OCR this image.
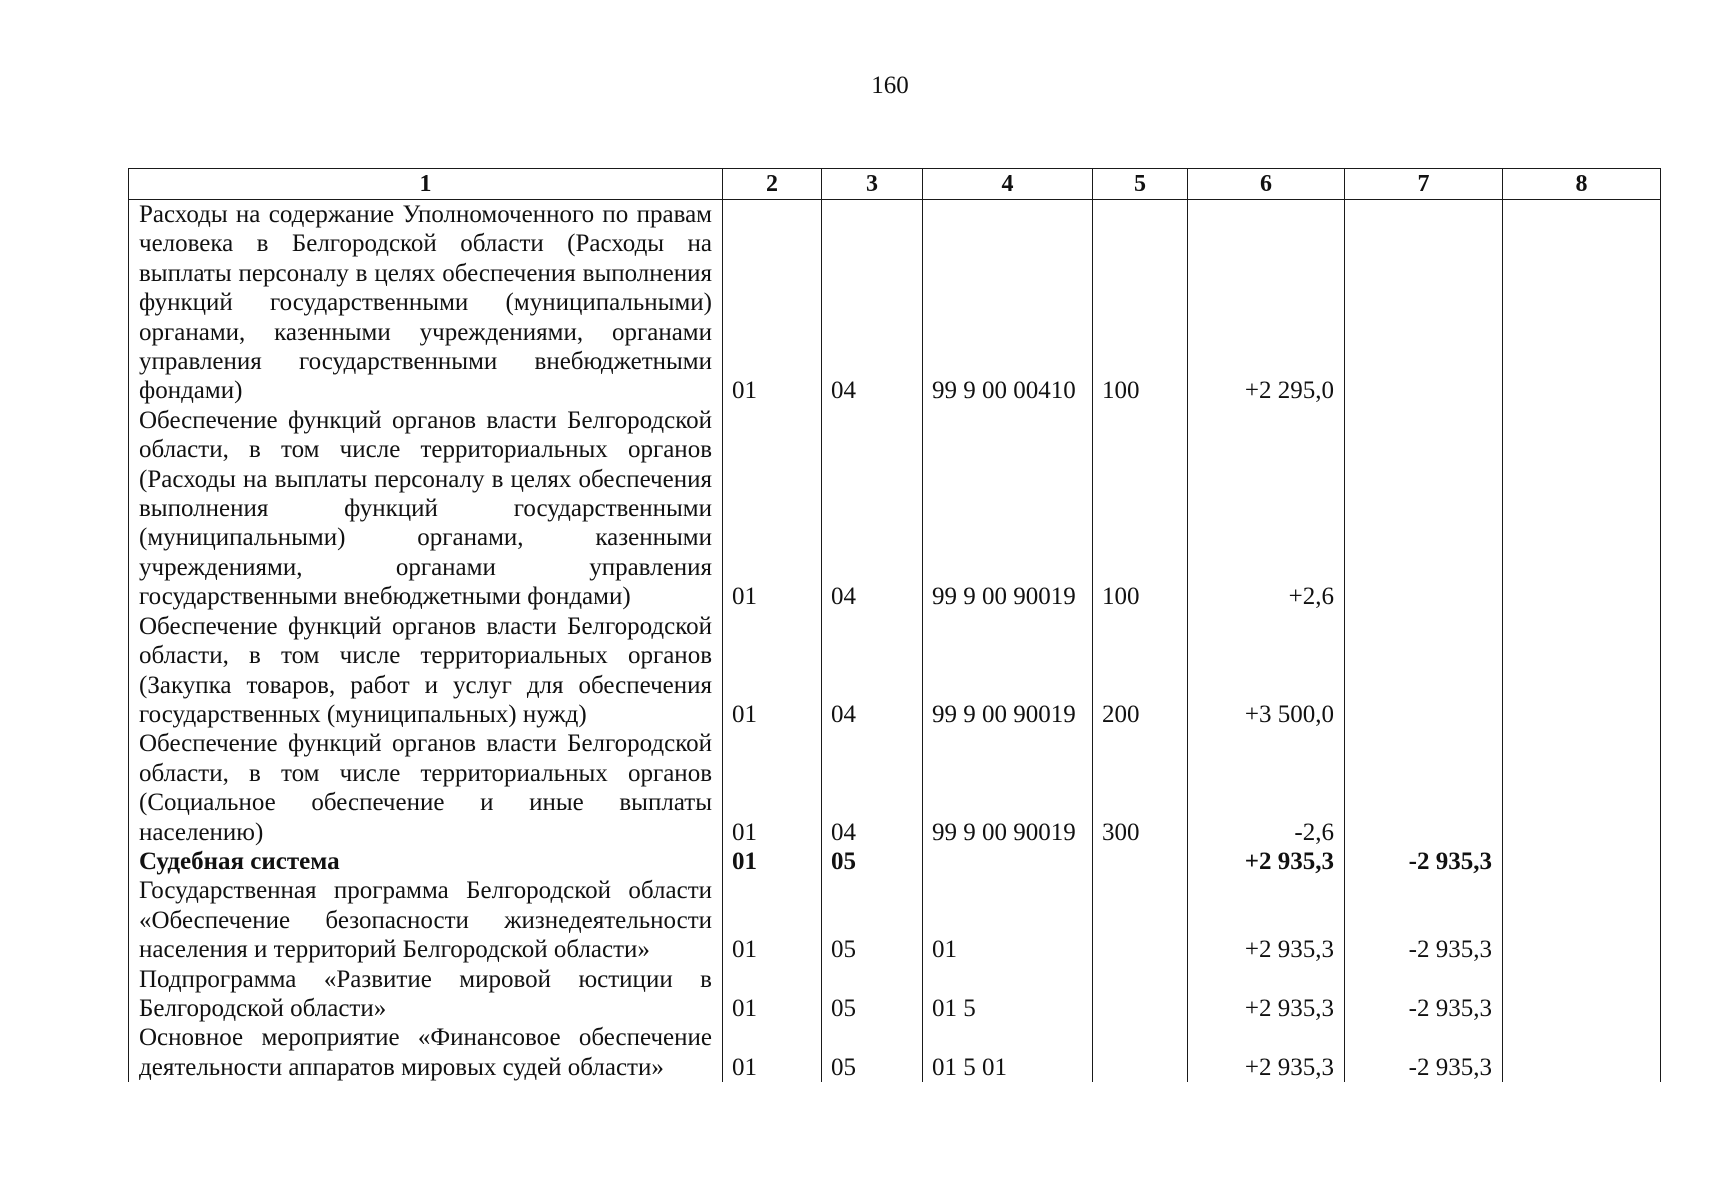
160
1	2	3	4	5	6	7	8
Расходы на содержание Уполномоченного по правам человека в Белгородской области (Расходы на выплаты персоналу в целях обеспечения выполнения функций государственными (муниципальными) органами, казенными учреждениями, органами управления государственными внебюджетными фондами)	01	04	99 9 00 00410	100	+2 295,0		
Обеспечение функций органов власти Белгородской области, в том числе территориальных органов (Расходы на выплаты персоналу в целях обеспечения выполнения функций государственными (муниципальными) органами, казенными учреждениями, органами управления государственными внебюджетными фондами)	01	04	99 9 00 90019	100	+2,6		
Обеспечение функций органов власти Белгородской области, в том числе территориальных органов (Закупка товаров, работ и услуг для обеспечения государственных (муниципальных) нужд)	01	04	99 9 00 90019	200	+3 500,0		
Обеспечение функций органов власти Белгородской области, в том числе территориальных органов (Социальное обеспечение и иные выплаты населению)	01	04	99 9 00 90019	300	-2,6		
Судебная система	01	05			+2 935,3	-2 935,3	
Государственная программа Белгородской области «Обеспечение безопасности жизнедеятельности населения и территорий Белгородской области»	01	05	01		+2 935,3	-2 935,3	
Подпрограмма «Развитие мировой юстиции в Белгородской области»	01	05	01 5		+2 935,3	-2 935,3	
Основное мероприятие «Финансовое обеспечение деятельности аппаратов мировых судей области»	01	05	01 5 01		+2 935,3	-2 935,3	
